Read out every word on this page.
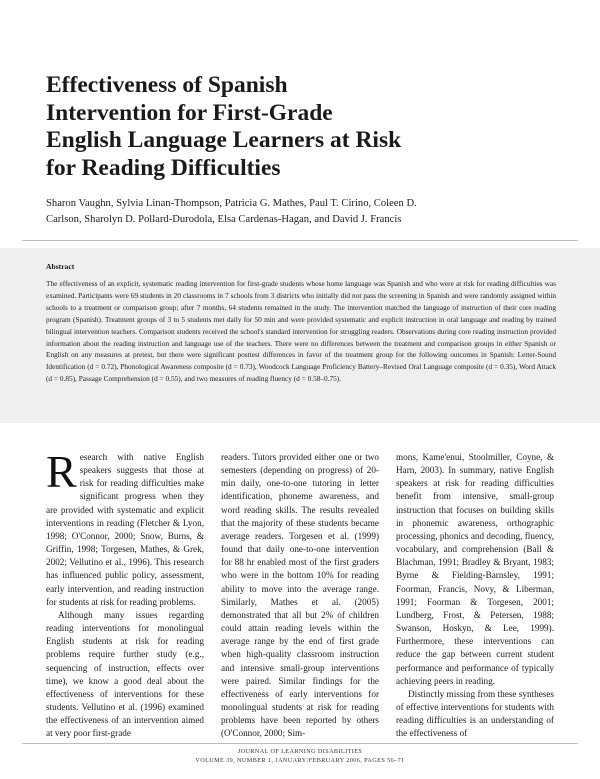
Effectiveness of Spanish
Intervention for First-Grade
English Language Learners at Risk
for Reading Difficulties
Sharon Vaughn, Sylvia Linan-Thompson, Patricia G. Mathes, Paul T. Cirino, Coleen D.
Carlson, Sharolyn D. Pollard-Durodola, Elsa Cardenas-Hagan, and David J. Francis
Abstract

The effectiveness of an explicit, systematic reading intervention for first-grade students whose home language was Spanish and who were at risk for reading difficulties was examined. Participants were 69 students in 20 classrooms in 7 schools from 3 districts who initially did not pass the screening in Spanish and were randomly assigned within schools to a treatment or comparison group; after 7 months, 64 students remained in the study. The intervention matched the language of instruction of their core reading program (Spanish). Treatment groups of 3 to 5 students met daily for 50 min and were provided systematic and explicit instruction in oral language and reading by trained bilingual intervention teachers. Comparison students received the school's standard intervention for struggling readers. Observations during core reading instruction provided information about the reading instruction and language use of the teachers. There were no differences between the treatment and comparison groups in either Spanish or English on any measures at pretest, but there were significant posttest differences in favor of the treatment group for the following outcomes in Spanish: Letter-Sound Identification (d = 0.72), Phonological Awareness composite (d = 0.73), Woodcock Language Proficiency Battery–Revised Oral Language composite (d = 0.35), Word Attack (d = 0.85), Passage Comprehension (d = 0.55), and two measures of reading fluency (d = 0.58–0.75).

Research with native English speakers suggests that those at risk for reading difficulties make significant progress when they are provided with systematic and explicit interventions in reading (Fletcher & Lyon, 1998; O'Connor, 2000; Snow, Burns, & Griffin, 1998; Torgesen, Mathes, & Grek, 2002; Vellutino et al., 1996). This research has influenced public policy, assessment, early intervention, and reading instruction for students at risk for reading problems.

Although many issues regarding reading interventions for monolingual English students at risk for reading problems require further study (e.g., sequencing of instruction, effects over time), we know a good deal about the effectiveness of interventions for these students. Vellutino et al. (1996) examined the effectiveness of an intervention aimed at very poor first-grade

readers. Tutors provided either one or two semesters (depending on progress) of 20-min daily, one-to-one tutoring in letter identification, phoneme awareness, and word reading skills. The results revealed that the majority of these students became average readers. Torgesen et al. (1999) found that daily one-to-one intervention for 88 hr enabled most of the first graders who were in the bottom 10% for reading ability to move into the average range. Similarly, Mathes et al. (2005) demonstrated that all but 2% of children could attain reading levels within the average range by the end of first grade when high-quality classroom instruction and intensive small-group interventions were paired. Similar findings for the effectiveness of early interventions for monolingual students at risk for reading problems have been reported by others (O'Connor, 2000; Sim-

mons, Kame'enui, Stoolmiller, Coyne, & Harn, 2003). In summary, native English speakers at risk for reading difficulties benefit from intensive, small-group instruction that focuses on building skills in phonemic awareness, orthographic processing, phonics and decoding, fluency, vocabulary, and comprehension (Ball & Blachman, 1991; Bradley & Bryant, 1983; Byrne & Fielding-Barnsley, 1991; Foorman, Francis, Novy, & Liberman, 1991; Foorman & Torgesen, 2001; Lundberg, Frost, & Petersen, 1988; Swanson, Hoskyn, & Lee, 1999). Furthermore, these interventions can reduce the gap between current student performance and performance of typically achieving peers in reading.

Distinctly missing from these syntheses of effective interventions for students with reading difficulties is an understanding of the effectiveness of

JOURNAL OF LEARNING DISABILITIES
VOLUME 39, NUMBER 1, JANUARY/FEBRUARY 2006, PAGES 56–71
